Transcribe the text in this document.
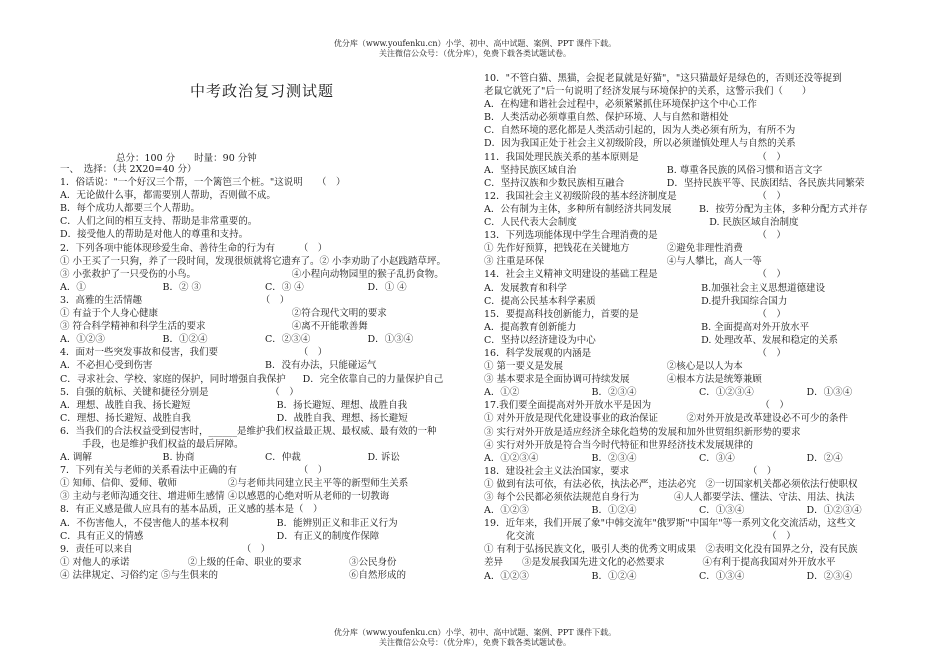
优分库（www.youfenku.cn）小学、初中、高中试题、案例、PPT 课件下载。
关注微信公众号：（优分库），免费下载各类试题试卷。
中考政治复习测试题
总分：100 分　　时量：90 分钟
一、　选择：（共 2X20=40 分）
1．俗话说："一个好汉三个帮，一个篱笆三个桩。"这说明　　（　）
A．无论做什么事，都需要别人帮助，否则做不成。
B．每个成功人都要三个人帮助。
C．人们之间的相互支持、帮助是非常重要的。
D．接受他人的帮助是对他人的尊重和支持。
2．下列各项中能体现珍爱生命、善待生命的行为有　　　（　）
① 小王买了一只狗，养了一段时间，发现很烦就将它遗弃了。② 小李劝助了小赵践踏草坪。
③ 小张救护了一只受伤的小鸟。	④小程向动物园里的猴子乱扔食物。
A．①	B．② ③	C．③ ④	D．① ④
3．高雅的生活情趣　　　　　　　　　　　　　（　）
① 有益于个人身心健康	②符合现代文明的要求
③ 符合科学精神和科学生活的要求	④离不开能歌善舞
A．①②③	B．①②④	C．②③④	D．①③④
4．面对一些突发事故和侵害，我们要　　　　　　　　　（　）
A．不必担心受到伤害	B．没有办法，只能碰运气
C．寻求社会、学校、家庭的保护，同时增强自我保护	D．完全依靠自己的力量保护自己
5．自强的航标、关键和捷径分别是　　　　　　　（　）
A．理想、战胜自我、扬长避短	B．扬长避短、理想、战胜自我
C．理想、扬长避短、战胜自我	D．战胜自我、理想、扬长避短
6．当我们的合法权益受到侵害时，______是维护我们权益最正规、最权威、最有效的一种
手段，也是维护我们权益的最后屏障。
A. 调解	B. 协商	C．仲裁	D. 诉讼
7．下列有关与老师的关系看法中正确的有　　　　　　　（　）
① 知师、信仰、爱师、敬师	②与老师共同建立民主平等的新型师生关系
③ 主动与老师沟通交往、增进师生感情 ④以感恩的心绝对听从老师的一切教诲
8．有正义感是做人应具有的基本品质，正义感的基本是（　）
A．不伤害他人，不侵害他人的基本权利	B．能辨别正义和非正义行为
C．具有正义的情感	D．有正义的制度作保障
9．责任可以来自　　　　　　　　　　　　（　）
① 对他人的承诺	②上级的任命、职业的要求	③公民身份
④ 法律规定、习俗约定 ⑤与生俱来的	⑥自然形成的
10．"不管白猫、黑猫，会捉老鼠就是好猫"，"这只猫最好是绿色的，否则还没等捉到
老鼠它就死了"后一句说明了经济发展与环境保护的关系，这警示我们（　　）
A．在构建和谐社会过程中，必须紧紧抓住环境保护这个中心工作
B．人类活动必须尊重自然、保护环境、人与自然和谐相处
C．自然环境的恶化都是人类活动引起的，因为人类必须有所为，有所不为
D．因为我国正处于社会主义初级阶段，所以必须谨慎处理人与自然的关系
11．我国处理民族关系的基本原则是　　　　　　　　　　　　　（　）
A．坚持民族区域自治	B. 尊重各民族的风俗习惯和语言文字
C．坚持汉族和少数民族相互融合	D．坚持民族平等、民族团结、各民族共同繁荣
12．我国社会主义初级阶段的基本经济制度是　　　　　　　　　（　）
A．公有制为主体，多种所有制经济共同发展	B．按劳分配为主体，多种分配方式并存
C．人民代表大会制度	D. 民族区域自治制度
13．下列选项能体现中学生合理消费的是　　　　　　　　　　　（　）
① 先作好预算，把钱花在关键地方	②避免非理性消费
③ 注重是环保	④与人攀比，高人一等
14．社会主义精神文明建设的基础工程是　　　　　　　　　　　（　）
A．发展教育和科学	B.加强社会主义思想道德建设
C．提高公民基本科学素质	D.提升我国综合国力
15．要提高科技创新能力，首要的是　　　　　　　　　　　　　（　）
A．提高教育创新能力	B. 全面提高对外开放水平
C．坚持以经济建设为中心	D. 处理改革、发展和稳定的关系
16．科学发展观的内涵是　　　　　　　　　　　　　　　　　　（　）
① 第一要义是发展	②核心是以人为本
③ 基本要求是全面协调可持续发展	④根本方法是统筹兼顾
A．①②	B．②③④	C．①②③④	D．①③④
17.我们要全面提高对外开放水平是因为　　　　　　　　　　　　（　）
① 对外开放是现代化建设事业的政治保证　　　②对外开放是改革建设必不可少的条件
③ 实行对外开放是适应经济全球化趋势的发展和加外世贸组织新形势的要求
④ 实行对外开放是符合当今时代特征和世界经济技术发展规律的
A．①②③④	B．②③④	C．③④	D．②④
18．建设社会主义法治国家，要求　　　　　　　　　　　　　（　）
① 做到有法可依，有法必依，执法必严，违法必究　②一切国家机关都必须依法行使职权
③ 每个公民都必须依法规范自身行为	④人人都要学法、懂法、守法、用法、执法
A．①②③	B．①②④	C．①③④	D．①②③④
19．近年来，我们开展了象"中韩交流年"俄罗斯"中国年"等一系列文化交流活动，这些文
化交流　　　　　　　　　　　　　　　　　　　　　　　　　（　）
① 有利于弘扬民族文化，吸引人类的优秀文明成果　②表明文化没有国界之分，没有民族
差异　　③是发展我国先进文化的必然要求　　　　④有利于提高我国对外开放水平
A．①②③	B．①②④	C．①③④	D．②③④
优分库（www.youfenku.cn）小学、初中、高中试题、案例、PPT 课件下载。
关注微信公众号：（优分库），免费下载各类试题试卷。
